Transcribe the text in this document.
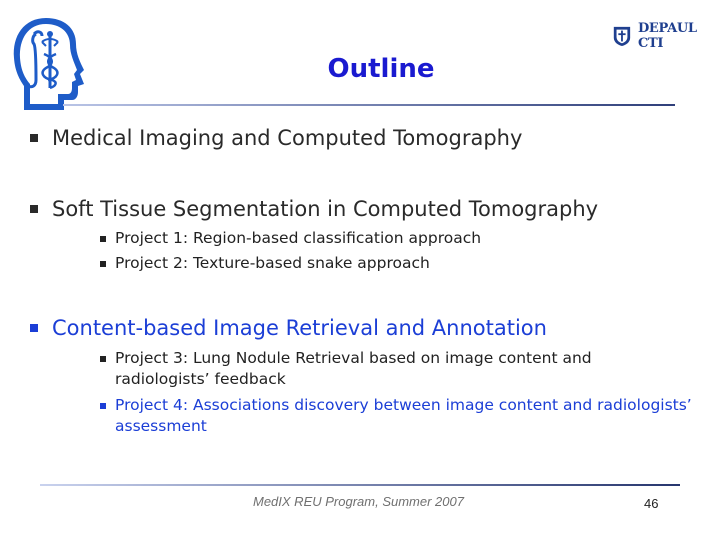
DEPAUL CTI
Outline
Medical Imaging and Computed Tomography
Soft Tissue Segmentation in Computed Tomography
Project 1: Region-based classification approach
Project 2: Texture-based snake approach
Content-based Image Retrieval and Annotation
Project 3: Lung Nodule Retrieval based on image content and radiologists’ feedback
Project 4: Associations discovery between image content and radiologists’ assessment
MedIX REU Program, Summer 2007	46
